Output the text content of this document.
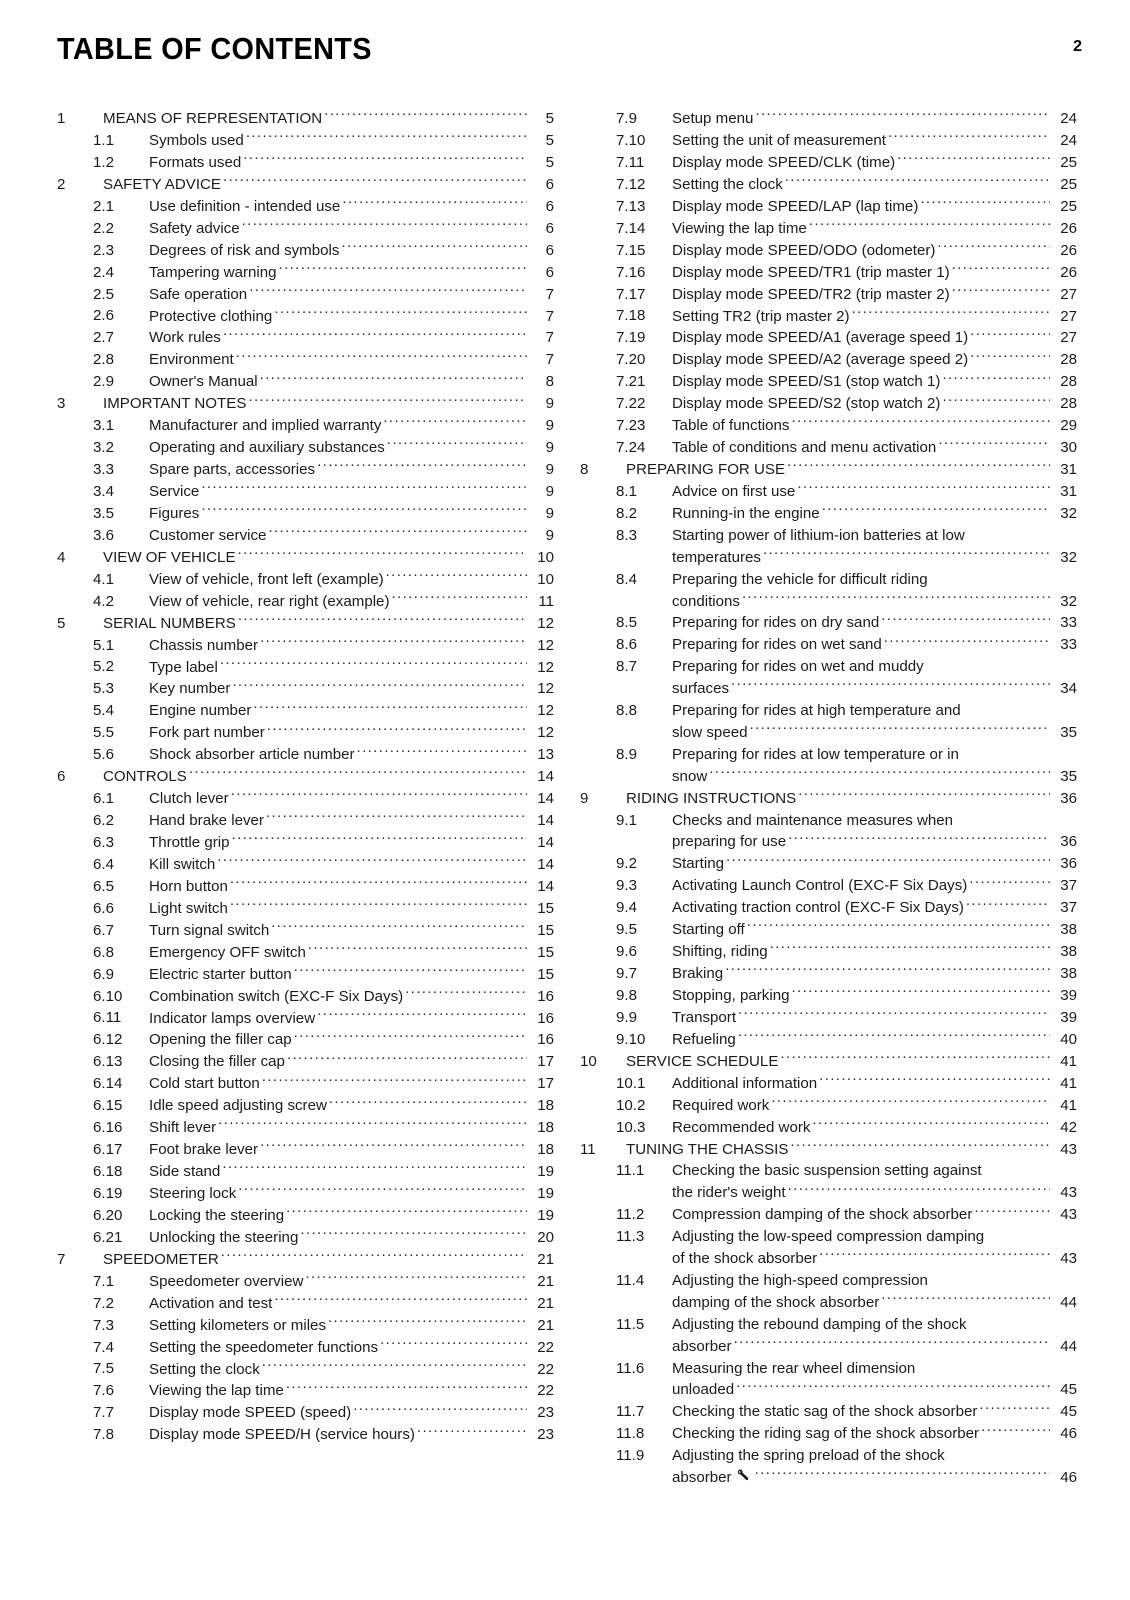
TABLE OF CONTENTS	2
1	MEANS OF REPRESENTATION .....	5
1.1	Symbols used .....	5
1.2	Formats used .....	5
2	SAFETY ADVICE .....	6
2.1	Use definition - intended use .....	6
2.2	Safety advice .....	6
2.3	Degrees of risk and symbols .....	6
2.4	Tampering warning .....	6
2.5	Safe operation .....	7
2.6	Protective clothing .....	7
2.7	Work rules .....	7
2.8	Environment .....	7
2.9	Owner's Manual .....	8
3	IMPORTANT NOTES .....	9
3.1	Manufacturer and implied warranty .....	9
3.2	Operating and auxiliary substances .....	9
3.3	Spare parts, accessories .....	9
3.4	Service .....	9
3.5	Figures .....	9
3.6	Customer service .....	9
4	VIEW OF VEHICLE .....	10
4.1	View of vehicle, front left (example) .....	10
4.2	View of vehicle, rear right (example) .....	11
5	SERIAL NUMBERS .....	12
5.1	Chassis number .....	12
5.2	Type label .....	12
5.3	Key number .....	12
5.4	Engine number .....	12
5.5	Fork part number .....	12
5.6	Shock absorber article number .....	13
6	CONTROLS .....	14
6.1	Clutch lever .....	14
6.2	Hand brake lever .....	14
6.3	Throttle grip .....	14
6.4	Kill switch .....	14
6.5	Horn button .....	14
6.6	Light switch .....	15
6.7	Turn signal switch .....	15
6.8	Emergency OFF switch .....	15
6.9	Electric starter button .....	15
6.10	Combination switch (EXC-F Six Days) .....	16
6.11	Indicator lamps overview .....	16
6.12	Opening the filler cap .....	16
6.13	Closing the filler cap .....	17
6.14	Cold start button .....	17
6.15	Idle speed adjusting screw .....	18
6.16	Shift lever .....	18
6.17	Foot brake lever .....	18
6.18	Side stand .....	19
6.19	Steering lock .....	19
6.20	Locking the steering .....	19
6.21	Unlocking the steering .....	20
7	SPEEDOMETER .....	21
7.1	Speedometer overview .....	21
7.2	Activation and test .....	21
7.3	Setting kilometers or miles .....	21
7.4	Setting the speedometer functions .....	22
7.5	Setting the clock .....	22
7.6	Viewing the lap time .....	22
7.7	Display mode SPEED (speed) .....	23
7.8	Display mode SPEED/H (service hours) .....	23
7.9	Setup menu .....	24
7.10	Setting the unit of measurement .....	24
7.11	Display mode SPEED/CLK (time) .....	25
7.12	Setting the clock .....	25
7.13	Display mode SPEED/LAP (lap time) .....	25
7.14	Viewing the lap time .....	26
7.15	Display mode SPEED/ODO (odometer) .....	26
7.16	Display mode SPEED/TR1 (trip master 1) .....	26
7.17	Display mode SPEED/TR2 (trip master 2) .....	27
7.18	Setting TR2 (trip master 2) .....	27
7.19	Display mode SPEED/A1 (average speed 1) .....	27
7.20	Display mode SPEED/A2 (average speed 2) .....	28
7.21	Display mode SPEED/S1 (stop watch 1) .....	28
7.22	Display mode SPEED/S2 (stop watch 2) .....	28
7.23	Table of functions .....	29
7.24	Table of conditions and menu activation .....	30
8	PREPARING FOR USE .....	31
8.1	Advice on first use .....	31
8.2	Running-in the engine .....	32
8.3	Starting power of lithium-ion batteries at low
temperatures .....	32
8.4	Preparing the vehicle for difficult riding
conditions .....	32
8.5	Preparing for rides on dry sand .....	33
8.6	Preparing for rides on wet sand .....	33
8.7	Preparing for rides on wet and muddy
surfaces .....	34
8.8	Preparing for rides at high temperature and
slow speed .....	35
8.9	Preparing for rides at low temperature or in
snow .....	35
9	RIDING INSTRUCTIONS .....	36
9.1	Checks and maintenance measures when
preparing for use .....	36
9.2	Starting .....	36
9.3	Activating Launch Control (EXC-F Six Days) .....	37
9.4	Activating traction control (EXC-F Six Days) .....	37
9.5	Starting off .....	38
9.6	Shifting, riding .....	38
9.7	Braking .....	38
9.8	Stopping, parking .....	39
9.9	Transport .....	39
9.10	Refueling .....	40
10	SERVICE SCHEDULE .....	41
10.1	Additional information .....	41
10.2	Required work .....	41
10.3	Recommended work .....	42
11	TUNING THE CHASSIS .....	43
11.1	Checking the basic suspension setting against
the rider's weight .....	43
11.2	Compression damping of the shock absorber .....	43
11.3	Adjusting the low-speed compression damping
of the shock absorber .....	43
11.4	Adjusting the high-speed compression
damping of the shock absorber .....	44
11.5	Adjusting the rebound damping of the shock
absorber .....	44
11.6	Measuring the rear wheel dimension
unloaded .....	45
11.7	Checking the static sag of the shock absorber .....	45
11.8	Checking the riding sag of the shock absorber .....	46
11.9	Adjusting the spring preload of the shock
absorber .....	46
